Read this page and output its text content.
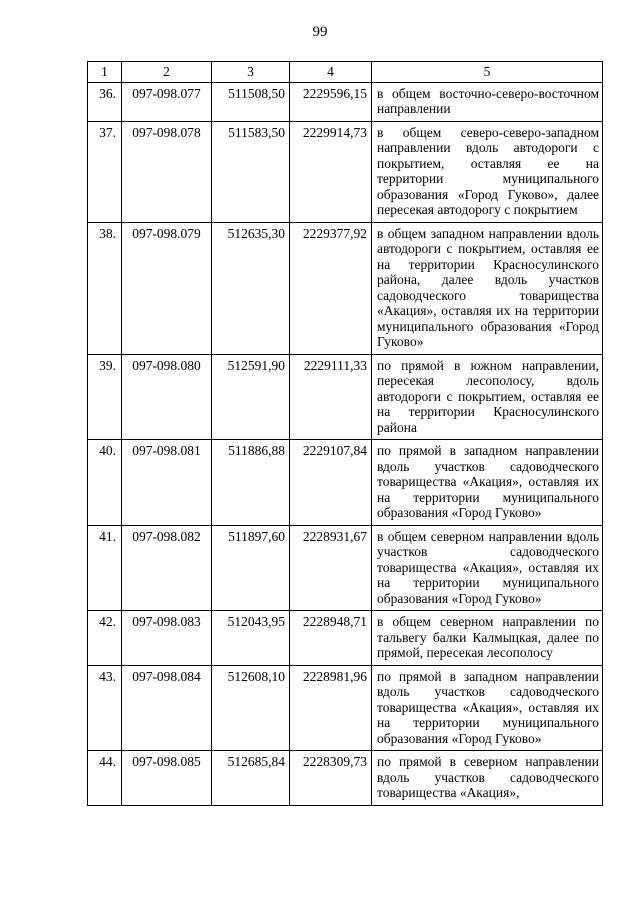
99
1	2	3	4	5
36.	097-098.077	511508,50	2229596,15	в общем восточно-северо-восточном направлении
37.	097-098.078	511583,50	2229914,73	в общем северо-северо-западном направлении вдоль автодороги с покрытием, оставляя ее на территории муниципального образования «Город Гуково», далее пересекая автодорогу с покрытием
38.	097-098.079	512635,30	2229377,92	в общем западном направлении вдоль автодороги с покрытием, оставляя ее на территории Красносулинского района, далее вдоль участков садоводческого товарищества «Акация», оставляя их на территории муниципального образования «Город Гуково»
39.	097-098.080	512591,90	2229111,33	по прямой в южном направлении, пересекая лесополосу, вдоль автодороги с покрытием, оставляя ее на территории Красносулинского района
40.	097-098.081	511886,88	2229107,84	по прямой в западном направлении вдоль участков садоводческого товарищества «Акация», оставляя их на территории муниципального образования «Город Гуково»
41.	097-098.082	511897,60	2228931,67	в общем северном направлении вдоль участков садоводческого товарищества «Акация», оставляя их на территории муниципального образования «Город Гуково»
42.	097-098.083	512043,95	2228948,71	в общем северном направлении по тальвегу балки Калмыцкая, далее по прямой, пересекая лесополосу
43.	097-098.084	512608,10	2228981,96	по прямой в западном направлении вдоль участков садоводческого товарищества «Акация», оставляя их на территории муниципального образования «Город Гуково»
44.	097-098.085	512685,84	2228309,73	по прямой в северном направлении вдоль участков садоводческого товарищества «Акация»,
